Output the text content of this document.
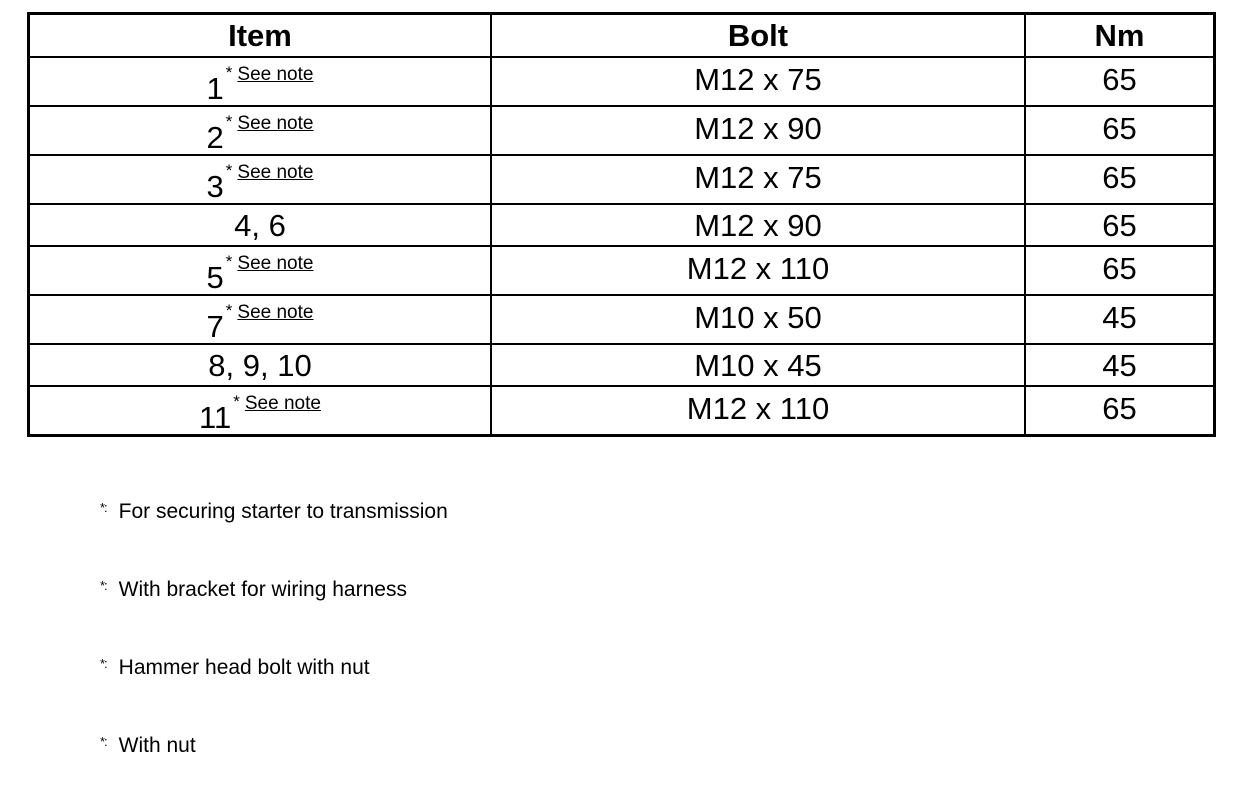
Item	Bolt	Nm
1 * $^{See note}$	M12 x 75	65
2 * $^{See note}$	M12 x 90	65
3 * $^{See note}$	M12 x 75	65
4, 6	M12 x 90	65
5 * $^{See note}$	M12 x 110	65
7 * $^{See note}$	M10 x 50	45
8, 9, 10	M10 x 45	45
11 * $^{See note}$	M12 x 110	65
*: For securing starter to transmission
*: With bracket for wiring harness
*: Hammer head bolt with nut
*: With nut
